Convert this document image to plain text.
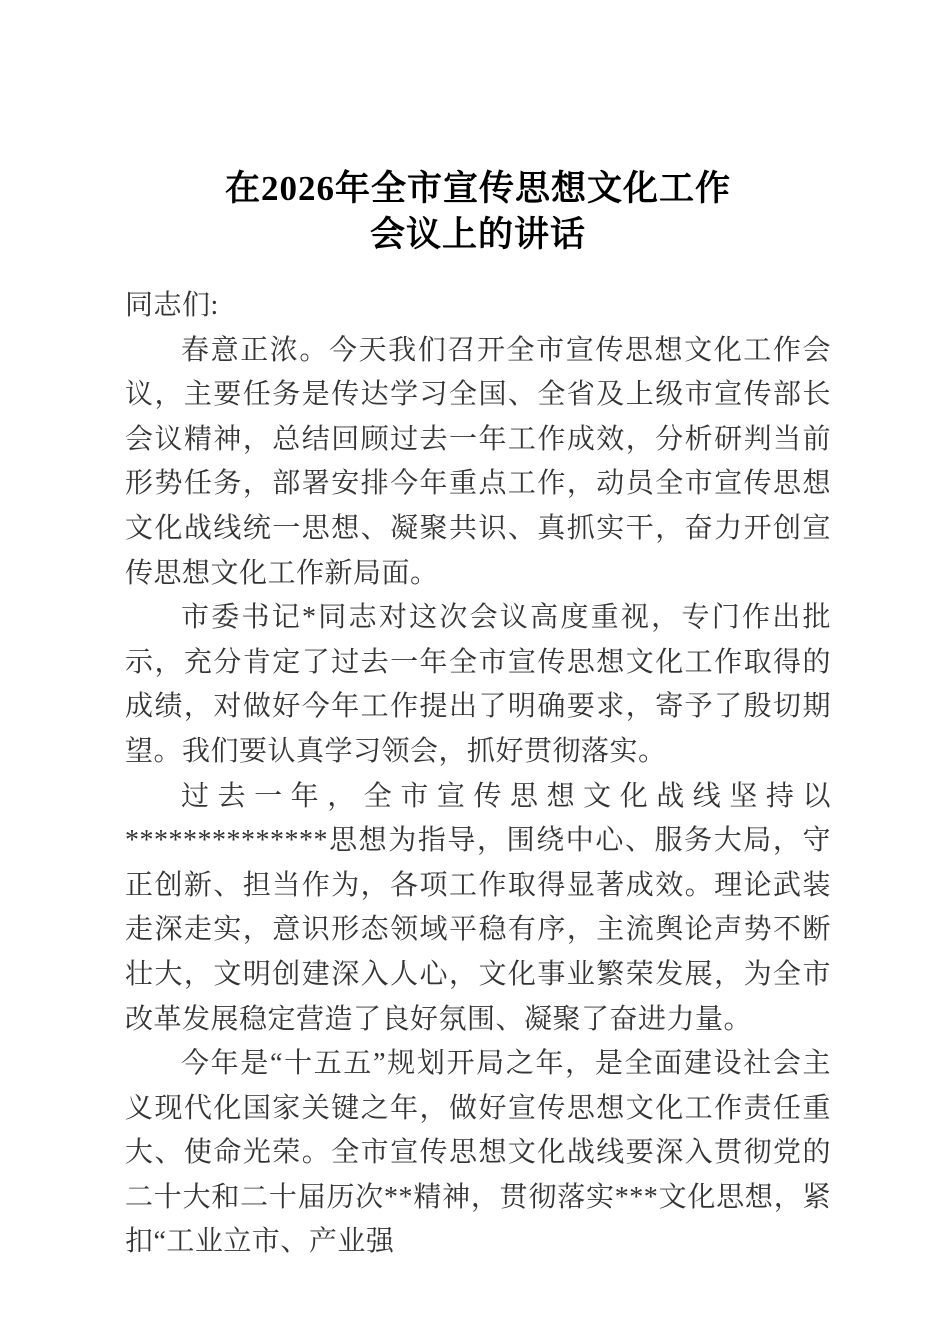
在2026年全市宣传思想文化工作
会议上的讲话

同志们:

春意正浓。今天我们召开全市宣传思想文化工作会议，主要任务是传达学习全国、全省及上级市宣传部长会议精神，总结回顾过去一年工作成效，分析研判当前形势任务，部署安排今年重点工作，动员全市宣传思想文化战线统一思想、凝聚共识、真抓实干，奋力开创宣传思想文化工作新局面。

市委书记*同志对这次会议高度重视，专门作出批示，充分肯定了过去一年全市宣传思想文化工作取得的成绩，对做好今年工作提出了明确要求，寄予了殷切期望。我们要认真学习领会，抓好贯彻落实。

过去一年，全市宣传思想文化战线坚持以**************思想为指导，围绕中心、服务大局，守正创新、担当作为，各项工作取得显著成效。理论武装走深走实，意识形态领域平稳有序，主流舆论声势不断壮大，文明创建深入人心，文化事业繁荣发展，为全市改革发展稳定营造了良好氛围、凝聚了奋进力量。

今年是“十五五”规划开局之年，是全面建设社会主义现代化国家关键之年，做好宣传思想文化工作责任重大、使命光荣。全市宣传思想文化战线要深入贯彻党的二十大和二十届历次**精神，贯彻落实***文化思想，紧扣“工业立市、产业强
